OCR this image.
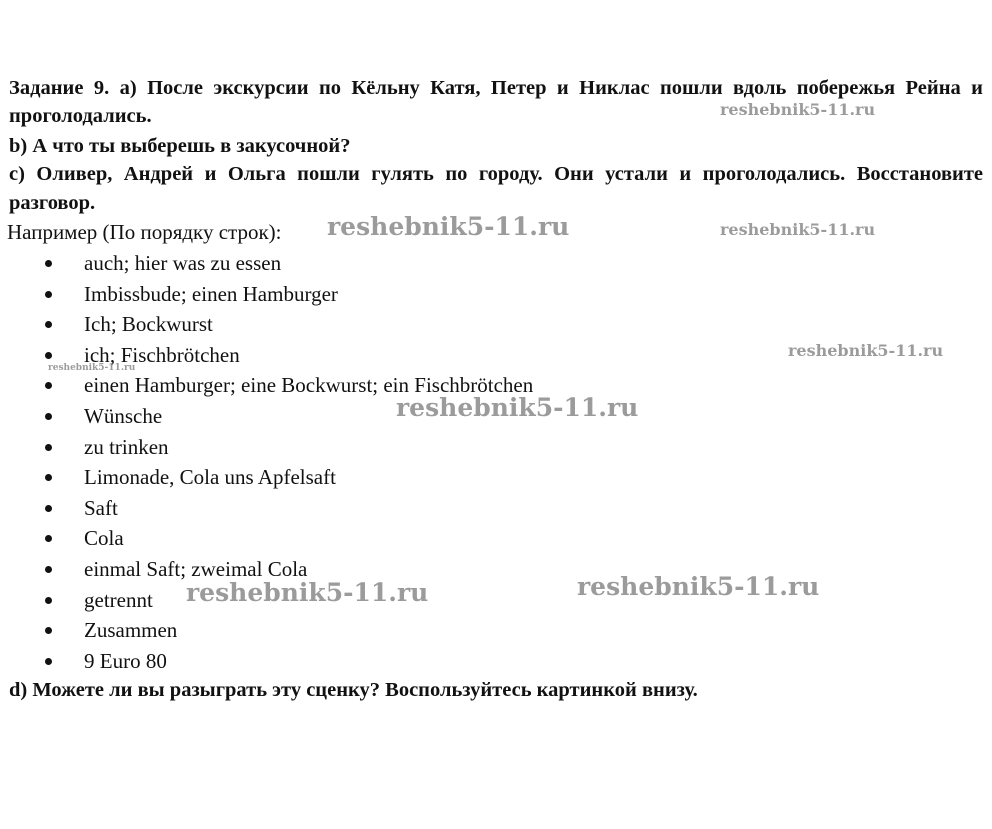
Задание 9. a) После экскурсии по Кёльну Катя, Петер и Никлас пошли вдоль побережья Рейна и проголодались.
b) А что ты выберешь в закусочной?
c) Оливер, Андрей и Ольга пошли гулять по городу. Они устали и проголодались. Восстановите разговор.
Например (По порядку строк):
auch; hier was zu essen
Imbissbude; einen Hamburger
Ich; Bockwurst
ich; Fischbrötchen
einen Hamburger; eine Bockwurst; ein Fischbrötchen
Wünsche
zu trinken
Limonade, Cola uns Apfelsaft
Saft
Cola
einmal Saft; zweimal Cola
getrennt
Zusammen
9 Euro 80
d) Можете ли вы разыграть эту сценку? Воспользуйтесь картинкой внизу.
reshebnik5-11.ru
reshebnik5-11.ru	reshebnik5-11.ru
reshebnik5-11.ru
reshebnik5-11.ru
reshebnik5-11.ru
reshebnik5-11.ru	reshebnik5-11.ru
